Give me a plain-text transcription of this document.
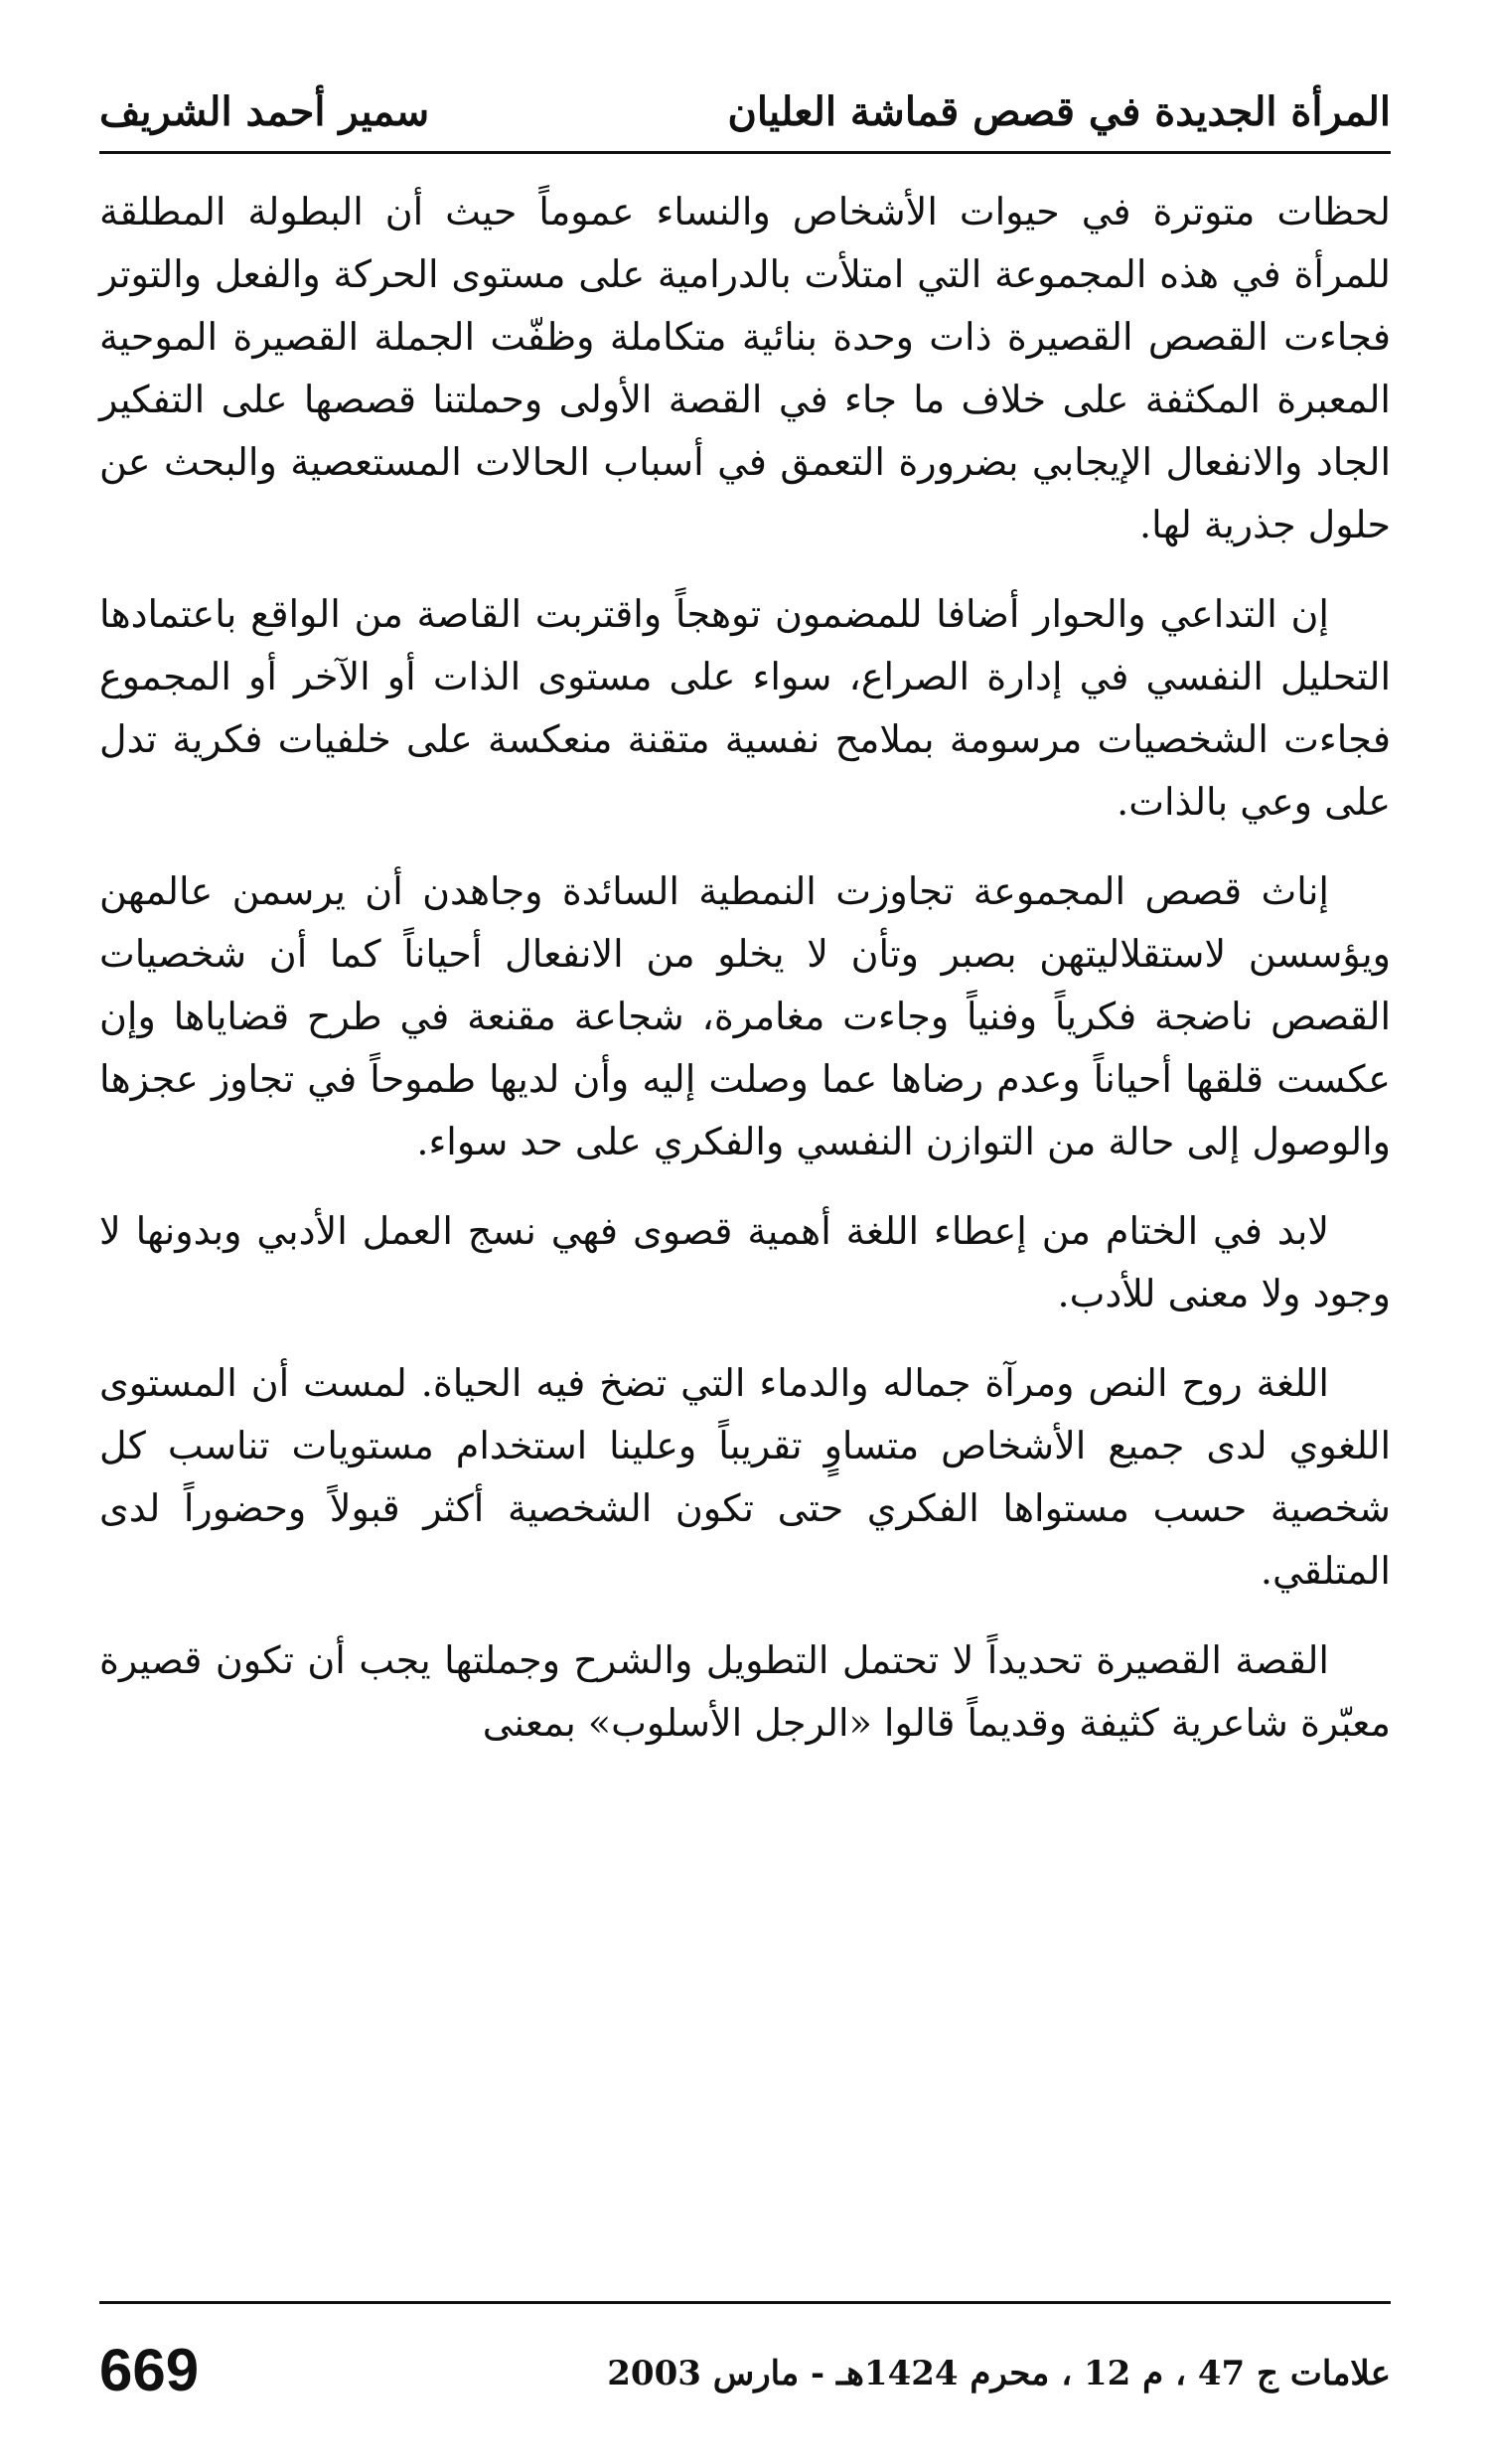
المرأة الجديدة في قصص قماشة العليان
سمير أحمد الشريف

لحظات متوترة في حيوات الأشخاص والنساء عموماً حيث أن البطولة المطلقة للمرأة في هذه المجموعة التي امتلأت بالدرامية على مستوى الحركة والفعل والتوتر فجاءت القصص القصيرة ذات وحدة بنائية متكاملة وظفّت الجملة القصيرة الموحية المعبرة المكثفة على خلاف ما جاء في القصة الأولى وحملتنا قصصها على التفكير الجاد والانفعال الإيجابي بضرورة التعمق في أسباب الحالات المستعصية والبحث عن حلول جذرية لها.

إن التداعي والحوار أضافا للمضمون توهجاً واقتربت القاصة من الواقع باعتمادها التحليل النفسي في إدارة الصراع، سواء على مستوى الذات أو الآخر أو المجموع فجاءت الشخصيات مرسومة بملامح نفسية متقنة منعكسة على خلفيات فكرية تدل على وعي بالذات.

إناث قصص المجموعة تجاوزت النمطية السائدة وجاهدن أن يرسمن عالمهن ويؤسسن لاستقلاليتهن بصبر وتأن لا يخلو من الانفعال أحياناً كما أن شخصيات القصص ناضجة فكرياً وفنياً وجاءت مغامرة، شجاعة مقنعة في طرح قضاياها وإن عكست قلقها أحياناً وعدم رضاها عما وصلت إليه وأن لديها طموحاً في تجاوز عجزها والوصول إلى حالة من التوازن النفسي والفكري على حد سواء.

لابد في الختام من إعطاء اللغة أهمية قصوى فهي نسج العمل الأدبي وبدونها لا وجود ولا معنى للأدب.

اللغة روح النص ومرآة جماله والدماء التي تضخ فيه الحياة. لمست أن المستوى اللغوي لدى جميع الأشخاص متساوٍ تقريباً وعلينا استخدام مستويات تناسب كل شخصية حسب مستواها الفكري حتى تكون الشخصية أكثر قبولاً وحضوراً لدى المتلقي.

القصة القصيرة تحديداً لا تحتمل التطويل والشرح وجملتها يجب أن تكون قصيرة معبّرة شاعرية كثيفة وقديماً قالوا «الرجل الأسلوب» بمعنى

علامات ج 47 ، م 12 ، محرم 1424هـ - مارس 2003
669
